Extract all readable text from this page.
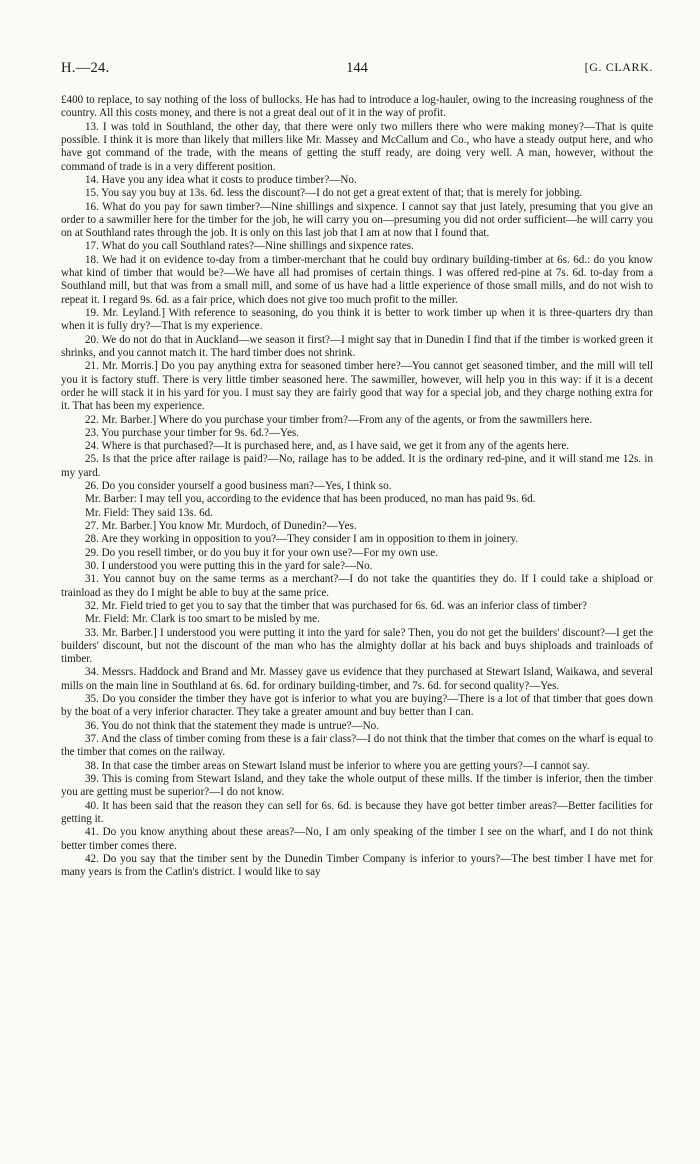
H.—24.	144	[G. CLARK.

£400 to replace, to say nothing of the loss of bullocks. He has had to introduce a log-hauler, owing to the increasing roughness of the country. All this costs money, and there is not a great deal out of it in the way of profit.

13. I was told in Southland, the other day, that there were only two millers there who were making money?—That is quite possible. I think it is more than likely that millers like Mr. Massey and McCallum and Co., who have a steady output here, and who have got command of the trade, with the means of getting the stuff ready, are doing very well. A man, however, without the command of trade is in a very different position.

14. Have you any idea what it costs to produce timber?—No.

15. You say you buy at 13s. 6d. less the discount?—I do not get a great extent of that; that is merely for jobbing.

16. What do you pay for sawn timber?—Nine shillings and sixpence. I cannot say that just lately, presuming that you give an order to a sawmiller here for the timber for the job, he will carry you on—presuming you did not order sufficient—he will carry you on at Southland rates through the job. It is only on this last job that I am at now that I found that.

17. What do you call Southland rates?—Nine shillings and sixpence rates.

18. We had it on evidence to-day from a timber-merchant that he could buy ordinary building-timber at 6s. 6d.: do you know what kind of timber that would be?—We have all had promises of certain things. I was offered red-pine at 7s. 6d. to-day from a Southland mill, but that was from a small mill, and some of us have had a little experience of those small mills, and do not wish to repeat it. I regard 9s. 6d. as a fair price, which does not give too much profit to the miller.

19. Mr. Leyland.] With reference to seasoning, do you think it is better to work timber up when it is three-quarters dry than when it is fully dry?—That is my experience.

20. We do not do that in Auckland—we season it first?—I might say that in Dunedin I find that if the timber is worked green it shrinks, and you cannot match it. The hard timber does not shrink.

21. Mr. Morris.] Do you pay anything extra for seasoned timber here?—You cannot get seasoned timber, and the mill will tell you it is factory stuff. There is very little timber seasoned here. The sawmiller, however, will help you in this way: if it is a decent order he will stack it in his yard for you. I must say they are fairly good that way for a special job, and they charge nothing extra for it. That has been my experience.

22. Mr. Barber.] Where do you purchase your timber from?—From any of the agents, or from the sawmillers here.

23. You purchase your timber for 9s. 6d.?—Yes.

24. Where is that purchased?—It is purchased here, and, as I have said, we get it from any of the agents here.

25. Is that the price after railage is paid?—No, railage has to be added. It is the ordinary red-pine, and it will stand me 12s. in my yard.

26. Do you consider yourself a good business man?—Yes, I think so.

Mr. Barber: I may tell you, according to the evidence that has been produced, no man has paid 9s. 6d.

Mr. Field: They said 13s. 6d.

27. Mr. Barber.] You know Mr. Murdoch, of Dunedin?—Yes.

28. Are they working in opposition to you?—They consider I am in opposition to them in joinery.

29. Do you resell timber, or do you buy it for your own use?—For my own use.

30. I understood you were putting this in the yard for sale?—No.

31. You cannot buy on the same terms as a merchant?—I do not take the quantities they do. If I could take a shipload or trainload as they do I might be able to buy at the same price.

32. Mr. Field tried to get you to say that the timber that was purchased for 6s. 6d. was an inferior class of timber?

Mr. Field: Mr. Clark is too smart to be misled by me.

33. Mr. Barber.] I understood you were putting it into the yard for sale? Then, you do not get the builders' discount?—I get the builders' discount, but not the discount of the man who has the almighty dollar at his back and buys shiploads and trainloads of timber.

34. Messrs. Haddock and Brand and Mr. Massey gave us evidence that they purchased at Stewart Island, Waikawa, and several mills on the main line in Southland at 6s. 6d. for ordinary building-timber, and 7s. 6d. for second quality?—Yes.

35. Do you consider the timber they have got is inferior to what you are buying?—There is a lot of that timber that goes down by the boat of a very inferior character. They take a greater amount and buy better than I can.

36. You do not think that the statement they made is untrue?—No.

37. And the class of timber coming from these is a fair class?—I do not think that the timber that comes on the wharf is equal to the timber that comes on the railway.

38. In that case the timber areas on Stewart Island must be inferior to where you are getting yours?—I cannot say.

39. This is coming from Stewart Island, and they take the whole output of these mills. If the timber is inferior, then the timber you are getting must be superior?—I do not know.

40. It has been said that the reason they can sell for 6s. 6d. is because they have got better timber areas?—Better facilities for getting it.

41. Do you know anything about these areas?—No, I am only speaking of the timber I see on the wharf, and I do not think better timber comes there.

42. Do you say that the timber sent by the Dunedin Timber Company is inferior to yours?—The best timber I have met for many years is from the Catlin's district. I would like to say
